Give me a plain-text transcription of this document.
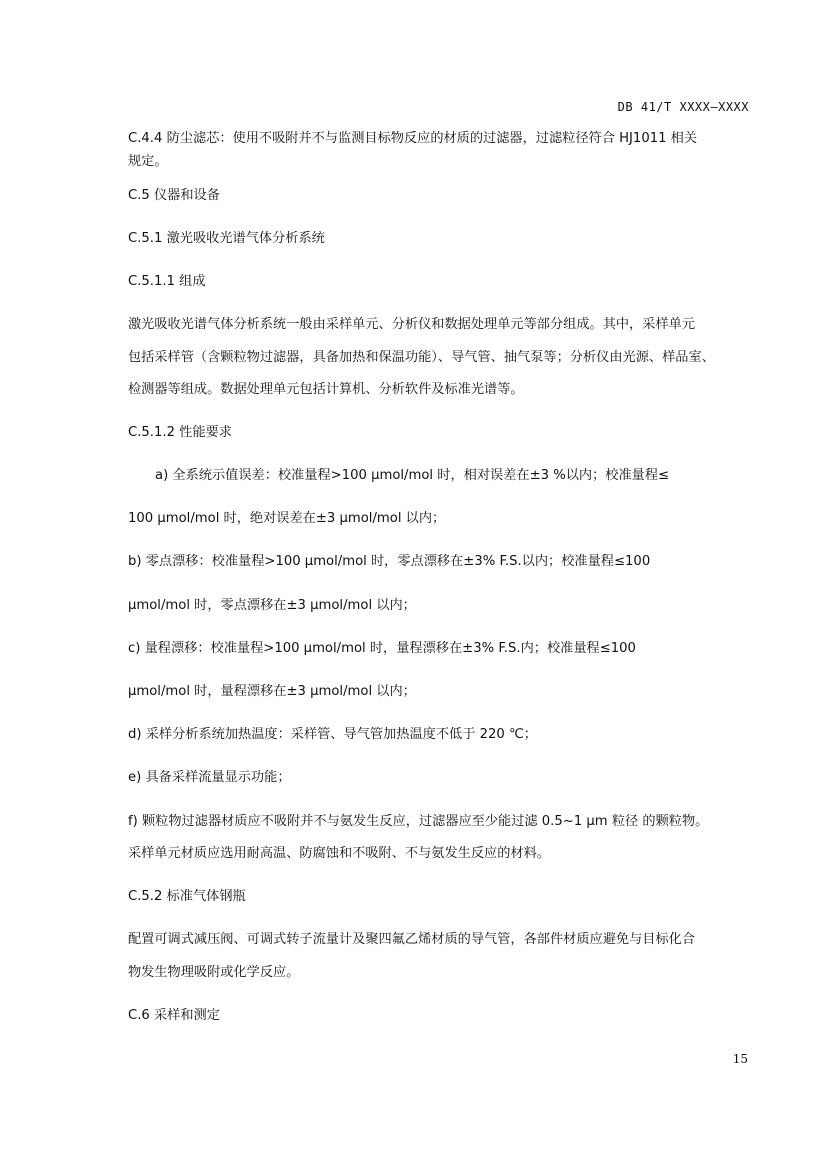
DB 41/T XXXX—XXXX
C.4.4 防尘滤芯：使用不吸附并不与监测目标物反应的材质的过滤器，过滤粒径符合 HJ1011 相关
规定。
C.5 仪器和设备
C.5.1 激光吸收光谱气体分析系统
C.5.1.1 组成
激光吸收光谱气体分析系统一般由采样单元、分析仪和数据处理单元等部分组成。其中，采样单元
包括采样管（含颗粒物过滤器，具备加热和保温功能）、导气管、抽气泵等；分析仪由光源、样品室、
检测器等组成。数据处理单元包括计算机、分析软件及标准光谱等。
C.5.1.2 性能要求
a) 全系统示值误差：校准量程>100 μmol/mol 时，相对误差在±3 %以内；校准量程≤
100 μmol/mol 时，绝对误差在±3 μmol/mol 以内；
b) 零点漂移：校准量程>100 μmol/mol 时，零点漂移在±3% F.S.以内；校准量程≤100
μmol/mol 时，零点漂移在±3 μmol/mol 以内；
c) 量程漂移：校准量程>100 μmol/mol 时，量程漂移在±3% F.S.内；校准量程≤100
μmol/mol 时，量程漂移在±3 μmol/mol 以内；
d) 采样分析系统加热温度：采样管、导气管加热温度不低于 220 ℃；
e) 具备采样流量显示功能；
f) 颗粒物过滤器材质应不吸附并不与氨发生反应，过滤器应至少能过滤 0.5~1 μm 粒径 的颗粒物。
采样单元材质应选用耐高温、防腐蚀和不吸附、不与氨发生反应的材料。
C.5.2 标准气体钢瓶
配置可调式减压阀、可调式转子流量计及聚四氟乙烯材质的导气管，各部件材质应避免与目标化合
物发生物理吸附或化学反应。
C.6 采样和测定
15
